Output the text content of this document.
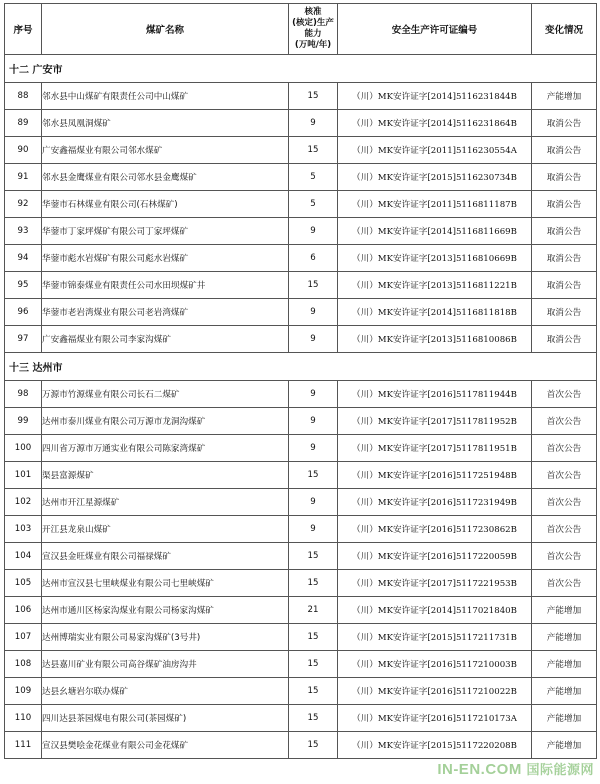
序号	煤矿名称	核准
(核定)生产能力
(万吨/年)	安全生产许可证编号	变化情况
十二 广安市				
88	邻水县中山煤矿有限责任公司中山煤矿	15	（川）MK安许证字[2014]5116231844B	产能增加
89	邻水县凤凰洞煤矿	9	（川）MK安许证字[2014]5116231864B	取消公告
90	广安鑫福煤业有限公司邻水煤矿	15	（川）MK安许证字[2011]5116230554A	取消公告
91	邻水县金鹰煤业有限公司邻水县金鹰煤矿	5	（川）MK安许证字[2015]5116230734B	取消公告
92	华蓥市石林煤业有限公司(石林煤矿)	5	（川）MK安许证字[2011]5116811187B	取消公告
93	华蓥市丁家坪煤矿有限公司丁家坪煤矿	9	（川）MK安许证字[2014]5116811669B	取消公告
94	华蓥市彪水岩煤矿有限公司彪水岩煤矿	6	（川）MK安许证字[2013]5116810669B	取消公告
95	华蓥市锦泰煤业有限责任公司水田坝煤矿井	15	（川）MK安许证字[2013]5116811221B	取消公告
96	华蓥市老岩湾煤业有限公司老岩湾煤矿	9	（川）MK安许证字[2014]5116811818B	取消公告
97	广安鑫福煤业有限公司李家沟煤矿	9	（川）MK安许证字[2013]5116810086B	取消公告
十三 达州市				
98	万源市竹源煤业有限公司长石二煤矿	9	（川）MK安许证字[2016]5117811944B	首次公告
99	达州市泰川煤业有限公司万源市龙洞沟煤矿	9	（川）MK安许证字[2017]5117811952B	首次公告
100	四川省万源市万通实业有限公司陈家湾煤矿	9	（川）MK安许证字[2017]5117811951B	首次公告
101	渠县富源煤矿	15	（川）MK安许证字[2016]5117251948B	首次公告
102	达州市开江星源煤矿	9	（川）MK安许证字[2016]5117231949B	首次公告
103	开江县龙泉山煤矿	9	（川）MK安许证字[2016]5117230862B	首次公告
104	宣汉县金旺煤业有限公司福禄煤矿	15	（川）MK安许证字[2016]5117220059B	首次公告
105	达州市宣汉县七里峡煤业有限公司七里峡煤矿	15	（川）MK安许证字[2017]5117221953B	首次公告
106	达州市通川区杨家沟煤业有限公司杨家沟煤矿	21	（川）MK安许证字[2014]5117021840B	产能增加
107	达州博瑞实业有限公司易家沟煤矿(3号井)	15	（川）MK安许证字[2015]5117211731B	产能增加
108	达县嘉川矿业有限公司高谷煤矿油房沟井	15	（川）MK安许证字[2016]5117210003B	产能增加
109	达县幺塘岩尔联办煤矿	15	（川）MK安许证字[2016]5117210022B	产能增加
110	四川达县茶园煤电有限公司(茶园煤矿)	15	（川）MK安许证字[2016]5117210173A	产能增加
111	宣汉县樊哙金花煤业有限公司金花煤矿	15	（川）MK安许证字[2015]5117220208B	产能增加
IN-EN.COM 国际能源网
